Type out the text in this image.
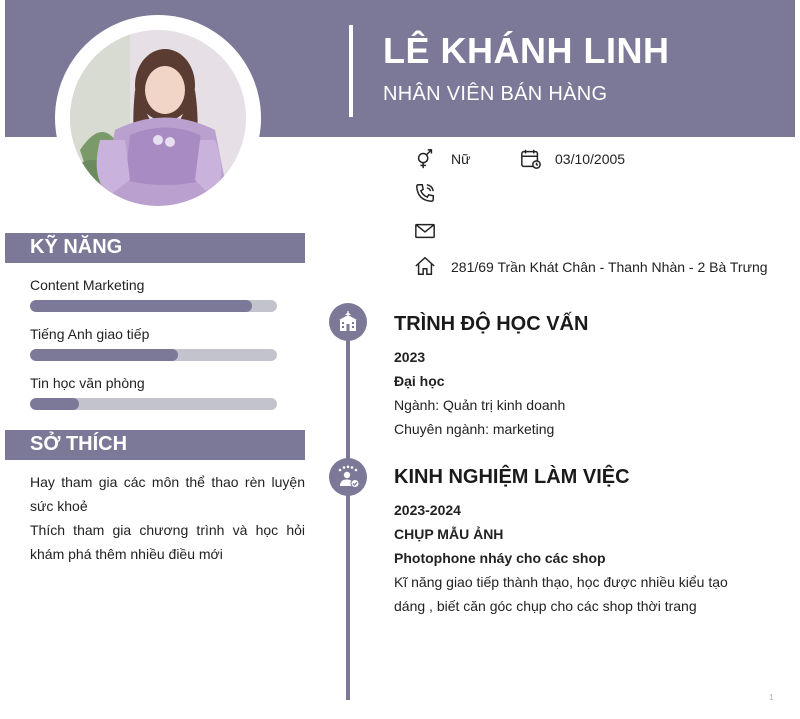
LÊ KHÁNH LINH
NHÂN VIÊN BÁN HÀNG
Nữ	03/10/2005
281/69 Trần Khát Chân - Thanh Nhàn - 2 Bà Trưng
KỸ NĂNG
Content Marketing
Tiếng Anh giao tiếp
Tin học văn phòng
SỞ THÍCH
Hay tham gia các môn thể thao rèn luyện sức khoẻ
Thích tham gia chương trình và học hỏi khám phá thêm nhiều điều mới
TRÌNH ĐỘ HỌC VẤN
2023
Đại học
Ngành: Quản trị kinh doanh
Chuyên ngành: marketing
KINH NGHIỆM LÀM VIỆC
2023-2024
CHỤP MẪU ẢNH
Photophone nháy cho các shop
Kĩ năng giao tiếp thành thạo, học được nhiều kiểu tạo dáng , biết căn góc chụp cho các shop thời trang
1
